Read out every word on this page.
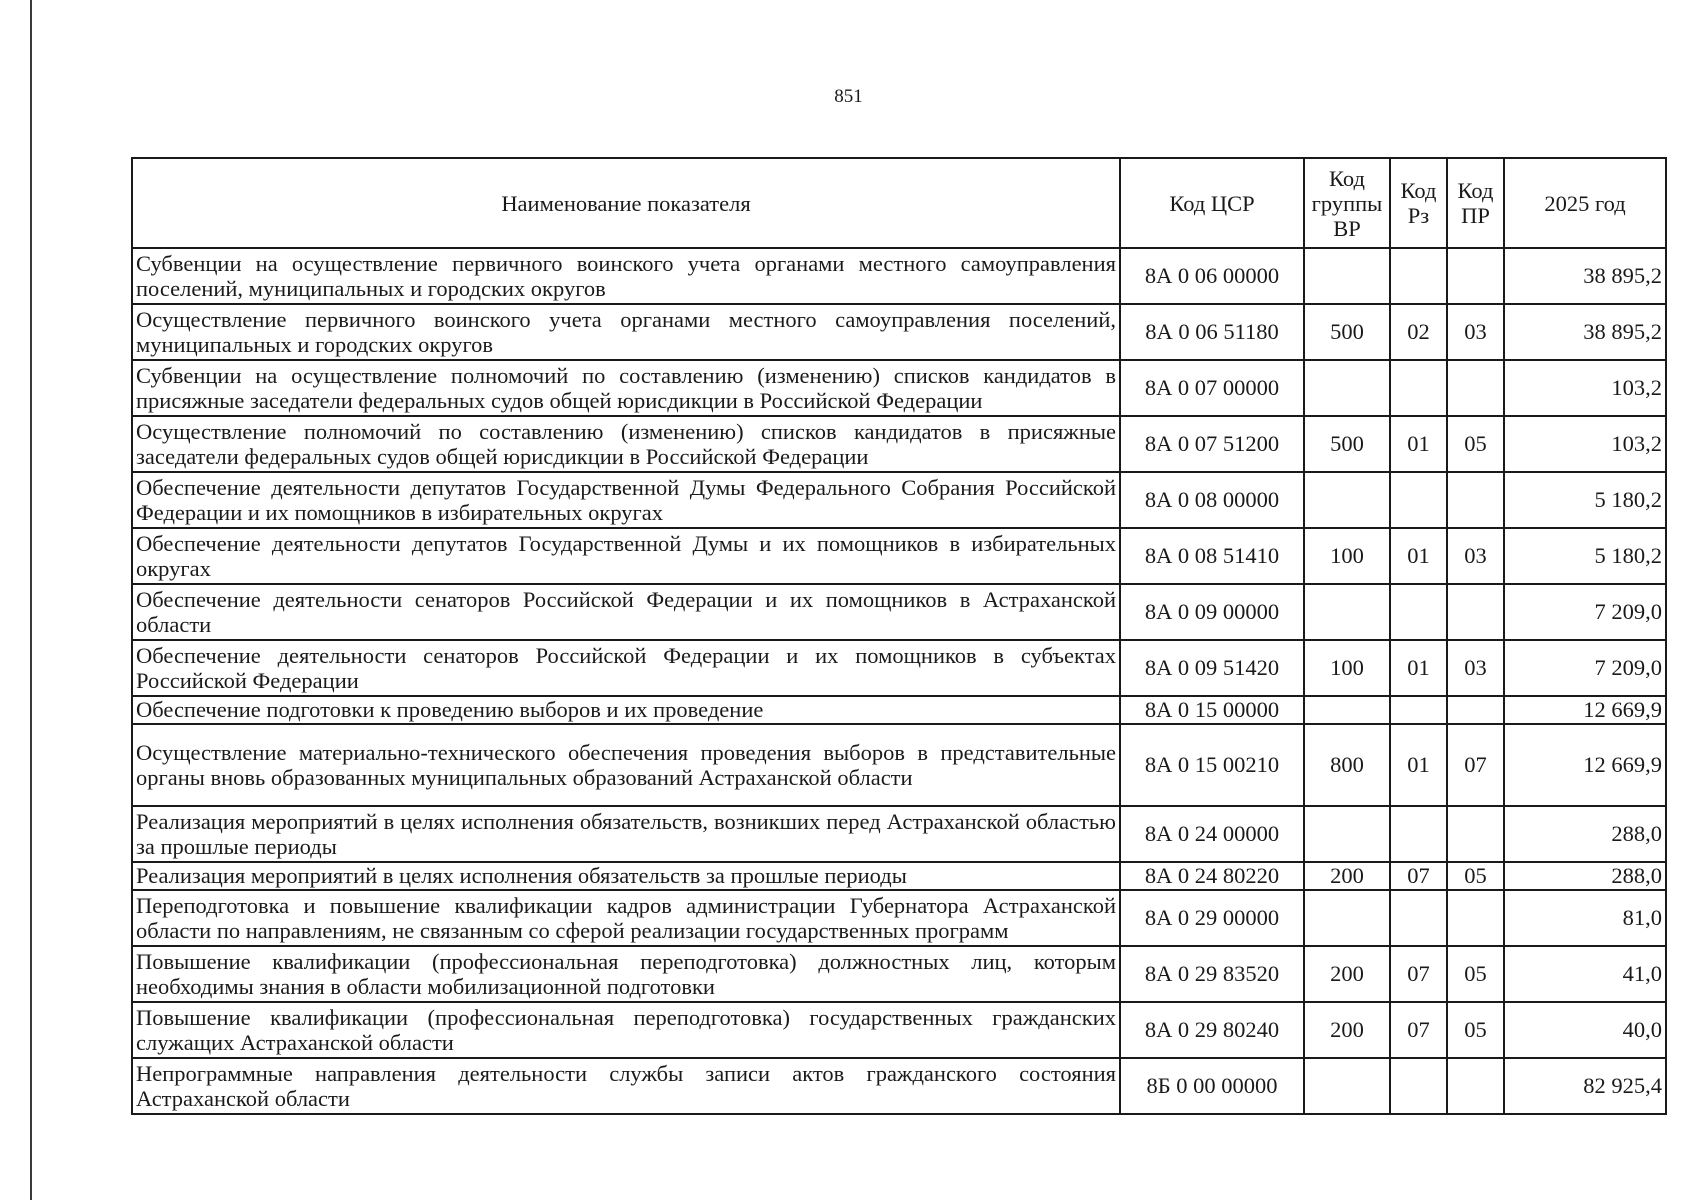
851
Наименование показателя	Код ЦСР	Код группы ВР	Код Рз	Код ПР	2025 год
Субвенции на осуществление первичного воинского учета органами местного самоуправления поселений, муниципальных и городских округов	8А 0 06 00000				38 895,2
Осуществление первичного воинского учета органами местного самоуправления поселений, муниципальных и городских округов	8А 0 06 51180	500	02	03	38 895,2
Субвенции на осуществление полномочий по составлению (изменению) списков кандидатов в присяжные заседатели федеральных судов общей юрисдикции в Российской Федерации	8А 0 07 00000				103,2
Осуществление полномочий по составлению (изменению) списков кандидатов в присяжные заседатели федеральных судов общей юрисдикции в Российской Федерации	8А 0 07 51200	500	01	05	103,2
Обеспечение деятельности депутатов Государственной Думы Федерального Собрания Российской Федерации и их помощников в избирательных округах	8А 0 08 00000				5 180,2
Обеспечение деятельности депутатов Государственной Думы и их помощников в избирательных округах	8А 0 08 51410	100	01	03	5 180,2
Обеспечение деятельности сенаторов Российской Федерации и их помощников в Астраханской области	8А 0 09 00000				7 209,0
Обеспечение деятельности сенаторов Российской Федерации и их помощников в субъектах Российской Федерации	8А 0 09 51420	100	01	03	7 209,0
Обеспечение подготовки к проведению выборов и их проведение	8А 0 15 00000				12 669,9
Осуществление материально-технического обеспечения проведения выборов в представительные органы вновь образованных муниципальных образований Астраханской области	8А 0 15 00210	800	01	07	12 669,9
Реализация мероприятий в целях исполнения обязательств, возникших перед Астраханской областью за прошлые периоды	8А 0 24 00000				288,0
Реализация мероприятий в целях исполнения обязательств за прошлые периоды	8А 0 24 80220	200	07	05	288,0
Переподготовка и повышение квалификации кадров администрации Губернатора Астраханской области по направлениям, не связанным со сферой реализации государственных программ	8А 0 29 00000				81,0
Повышение квалификации (профессиональная переподготовка) должностных лиц, которым необходимы знания в области мобилизационной подготовки	8А 0 29 83520	200	07	05	41,0
Повышение квалификации (профессиональная переподготовка) государственных гражданских служащих Астраханской области	8А 0 29 80240	200	07	05	40,0
Непрограммные направления деятельности службы записи актов гражданского состояния Астраханской области	8Б 0 00 00000				82 925,4
